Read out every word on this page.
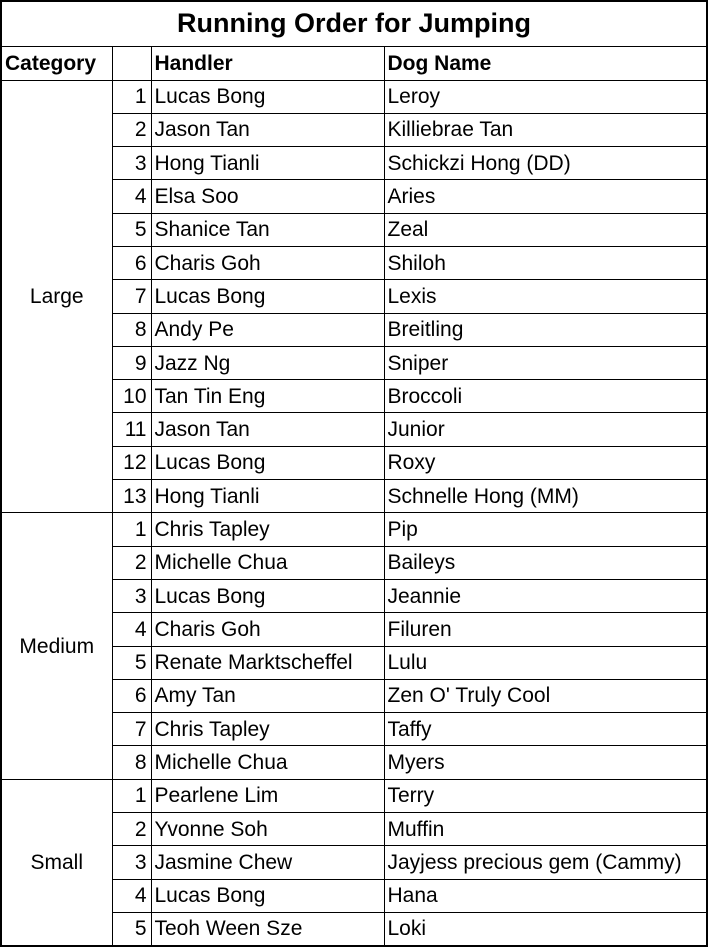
Running Order for Jumping			
Category		Handler	Dog Name
Large	1	Lucas Bong	Leroy
	2	Jason Tan	Killiebrae Tan
	3	Hong Tianli	Schickzi Hong (DD)
	4	Elsa Soo	Aries
	5	Shanice Tan	Zeal
	6	Charis Goh	Shiloh
	7	Lucas Bong	Lexis
	8	Andy Pe	Breitling
	9	Jazz Ng	Sniper
	10	Tan Tin Eng	Broccoli
	11	Jason Tan	Junior
	12	Lucas Bong	Roxy
	13	Hong Tianli	Schnelle Hong (MM)
Medium	1	Chris Tapley	Pip
	2	Michelle Chua	Baileys
	3	Lucas Bong	Jeannie
	4	Charis Goh	Filuren
	5	Renate Marktscheffel	Lulu
	6	Amy Tan	Zen O' Truly Cool
	7	Chris Tapley	Taffy
	8	Michelle Chua	Myers
Small	1	Pearlene Lim	Terry
	2	Yvonne Soh	Muffin
	3	Jasmine Chew	Jayjess precious gem (Cammy)
	4	Lucas Bong	Hana
	5	Teoh Ween Sze	Loki
